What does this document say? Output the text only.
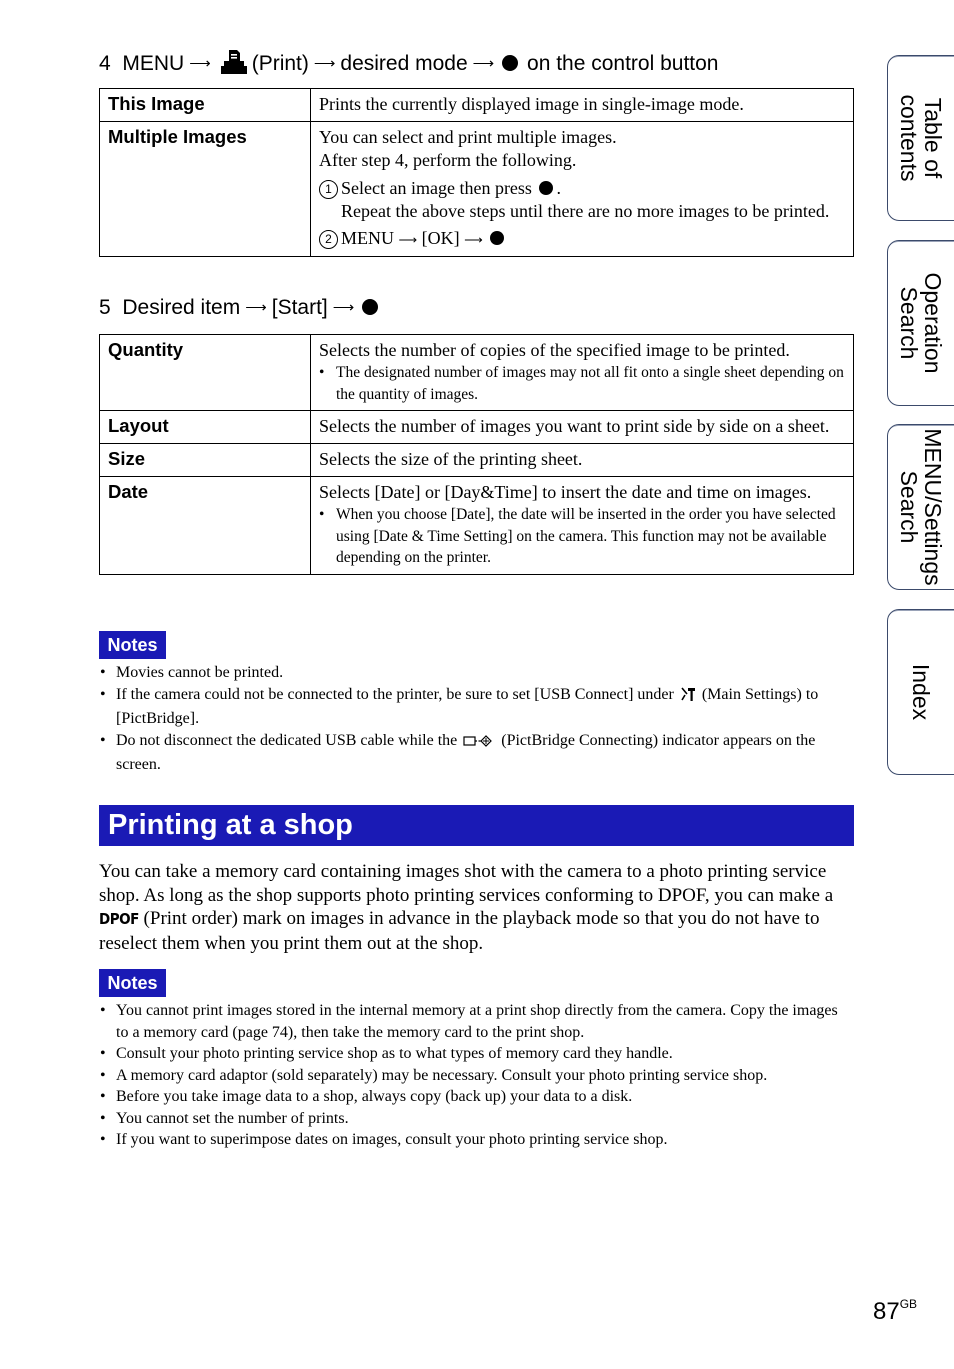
4 MENU ⟶ (Print) ⟶ desired mode ⟶ on the control button
This Image	Prints the currently displayed image in single-image mode.
Multiple Images	You can select and print multiple images.
After step 4, perform the following.
1 Select an image then press .
Repeat the above steps until there are no more images to be printed.
2 MENU ⟶ [OK] ⟶
5 Desired item ⟶ [Start] ⟶
Quantity	Selects the number of copies of the specified image to be printed.
• The designated number of images may not all fit onto a single sheet depending on the quantity of images.

Layout	Selects the number of images you want to print side by side on a sheet.
Size	Selects the size of the printing sheet.
Date	Selects [Date] or [Day&Time] to insert the date and time on images.
• When you choose [Date], the date will be inserted in the order you have selected using [Date & Time Setting] on the camera. This function may not be available depending on the printer.
Notes
• Movies cannot be printed.
• If the camera could not be connected to the printer, be sure to set [USB Connect] under (Main Settings) to [PictBridge].
• Do not disconnect the dedicated USB cable while the	(PictBridge Connecting) indicator appears on the screen.
Printing at a shop

You can take a memory card containing images shot with the camera to a photo printing service shop. As long as the shop supports photo printing services conforming to DPOF, you can make a DPOF (Print order) mark on images in advance in the playback mode so that you do not have to reselect them when you print them out at the shop.

Notes
• You cannot print images stored in the internal memory at a print shop directly from the camera. Copy the images to a memory card (page 74), then take the memory card to the print shop.
• Consult your photo printing service shop as to what types of memory card they handle.
• A memory card adaptor (sold separately) may be necessary. Consult your photo printing service shop.
• Before you take image data to a shop, always copy (back up) your data to a disk.
• You cannot set the number of prints.
• If you want to superimpose dates on images, consult your photo printing service shop.
Table of
contents
Operation
Search
MENU/Settings
Search
Index
$87^{GB}$
